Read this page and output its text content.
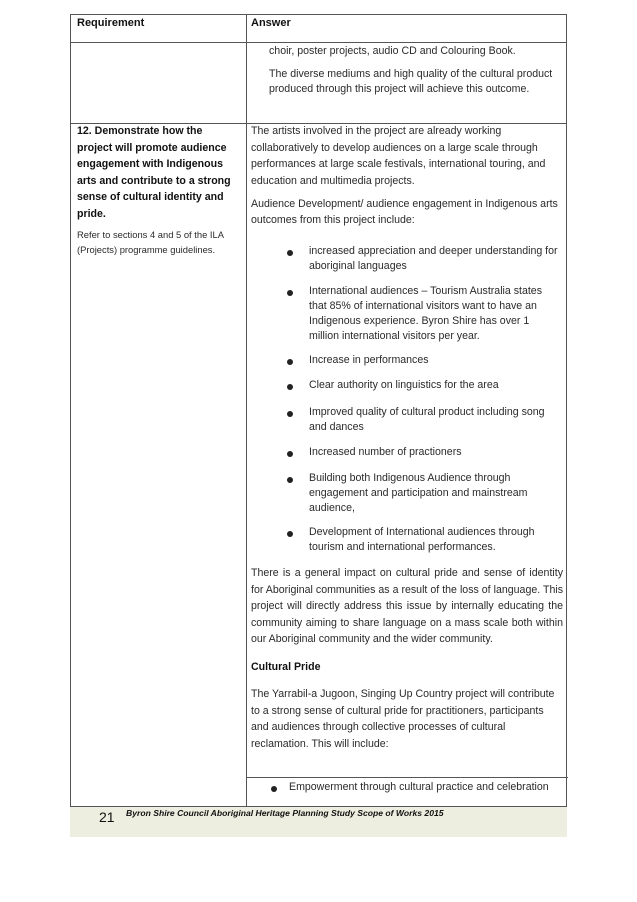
Requirement	Answer

choir, poster projects, audio CD and Colouring Book.

The diverse mediums and high quality of the cultural product produced through this project will achieve this outcome.

12. Demonstrate how the project will promote audience engagement with Indigenous arts and contribute to a strong sense of cultural identity and pride.

Refer to sections 4 and 5 of the ILA (Projects) programme guidelines.

The artists involved in the project are already working collaboratively to develop audiences on a large scale through performances at large scale festivals, international touring, and education and multimedia projects.

Audience Development/ audience engagement in Indigenous arts outcomes from this project include:

increased appreciation and deeper understanding for aboriginal languages
International audiences – Tourism Australia states that 85% of international visitors want to have an Indigenous experience. Byron Shire has over 1 million international visitors per year.
Increase in performances
Clear authority on linguistics for the area
Improved quality of cultural product including song and dances
Increased number of practioners
Building both Indigenous Audience through engagement and participation and mainstream audience,
Development of International audiences through tourism and international performances.

There is a general impact on cultural pride and sense of identity for Aboriginal communities as a result of the loss of language. This project will directly address this issue by internally educating the community aiming to share language on a mass scale both within our Aboriginal community and the wider community.

Cultural Pride

The Yarrabil-a Jugoon, Singing Up Country project will contribute to a strong sense of cultural pride for practitioners, participants and audiences through collective processes of cultural reclamation. This will include:

Empowerment through cultural practice and celebration
21 Byron Shire Council Aboriginal Heritage Planning Study Scope of Works 2015
